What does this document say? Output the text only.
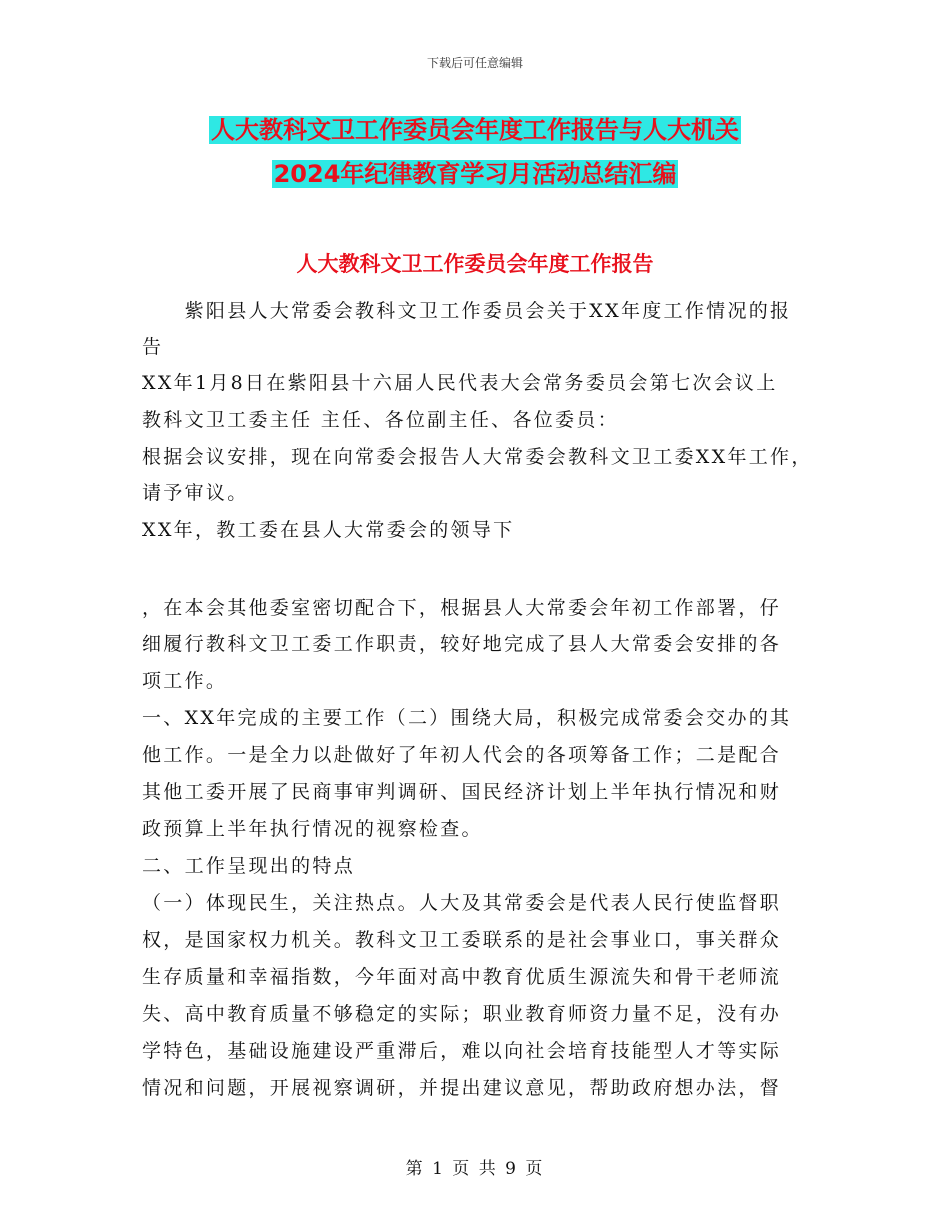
下载后可任意编辑
人大教科文卫工作委员会年度工作报告与人大机关
2024年纪律教育学习月活动总结汇编
人大教科文卫工作委员会年度工作报告
　　紫阳县人大常委会教科文卫工作委员会关于XX年度工作情况的报
告
XX年1月8日在紫阳县十六届人民代表大会常务委员会第七次会议上
教科文卫工委主任 主任、各位副主任、各位委员：
根据会议安排，现在向常委会报告人大常委会教科文卫工委XX年工作，
请予审议。
XX年，教工委在县人大常委会的领导下
，在本会其他委室密切配合下，根据县人大常委会年初工作部署，仔
细履行教科文卫工委工作职责，较好地完成了县人大常委会安排的各
项工作。
一、XX年完成的主要工作（二）围绕大局，积极完成常委会交办的其
他工作。一是全力以赴做好了年初人代会的各项筹备工作；二是配合
其他工委开展了民商事审判调研、国民经济计划上半年执行情况和财
政预算上半年执行情况的视察检查。
二、工作呈现出的特点
（一）体现民生，关注热点。人大及其常委会是代表人民行使监督职
权，是国家权力机关。教科文卫工委联系的是社会事业口，事关群众
生存质量和幸福指数，今年面对高中教育优质生源流失和骨干老师流
失、高中教育质量不够稳定的实际；职业教育师资力量不足，没有办
学特色，基础设施建设严重滞后，难以向社会培育技能型人才等实际
情况和问题，开展视察调研，并提出建议意见，帮助政府想办法，督
第 1 页 共 9 页
